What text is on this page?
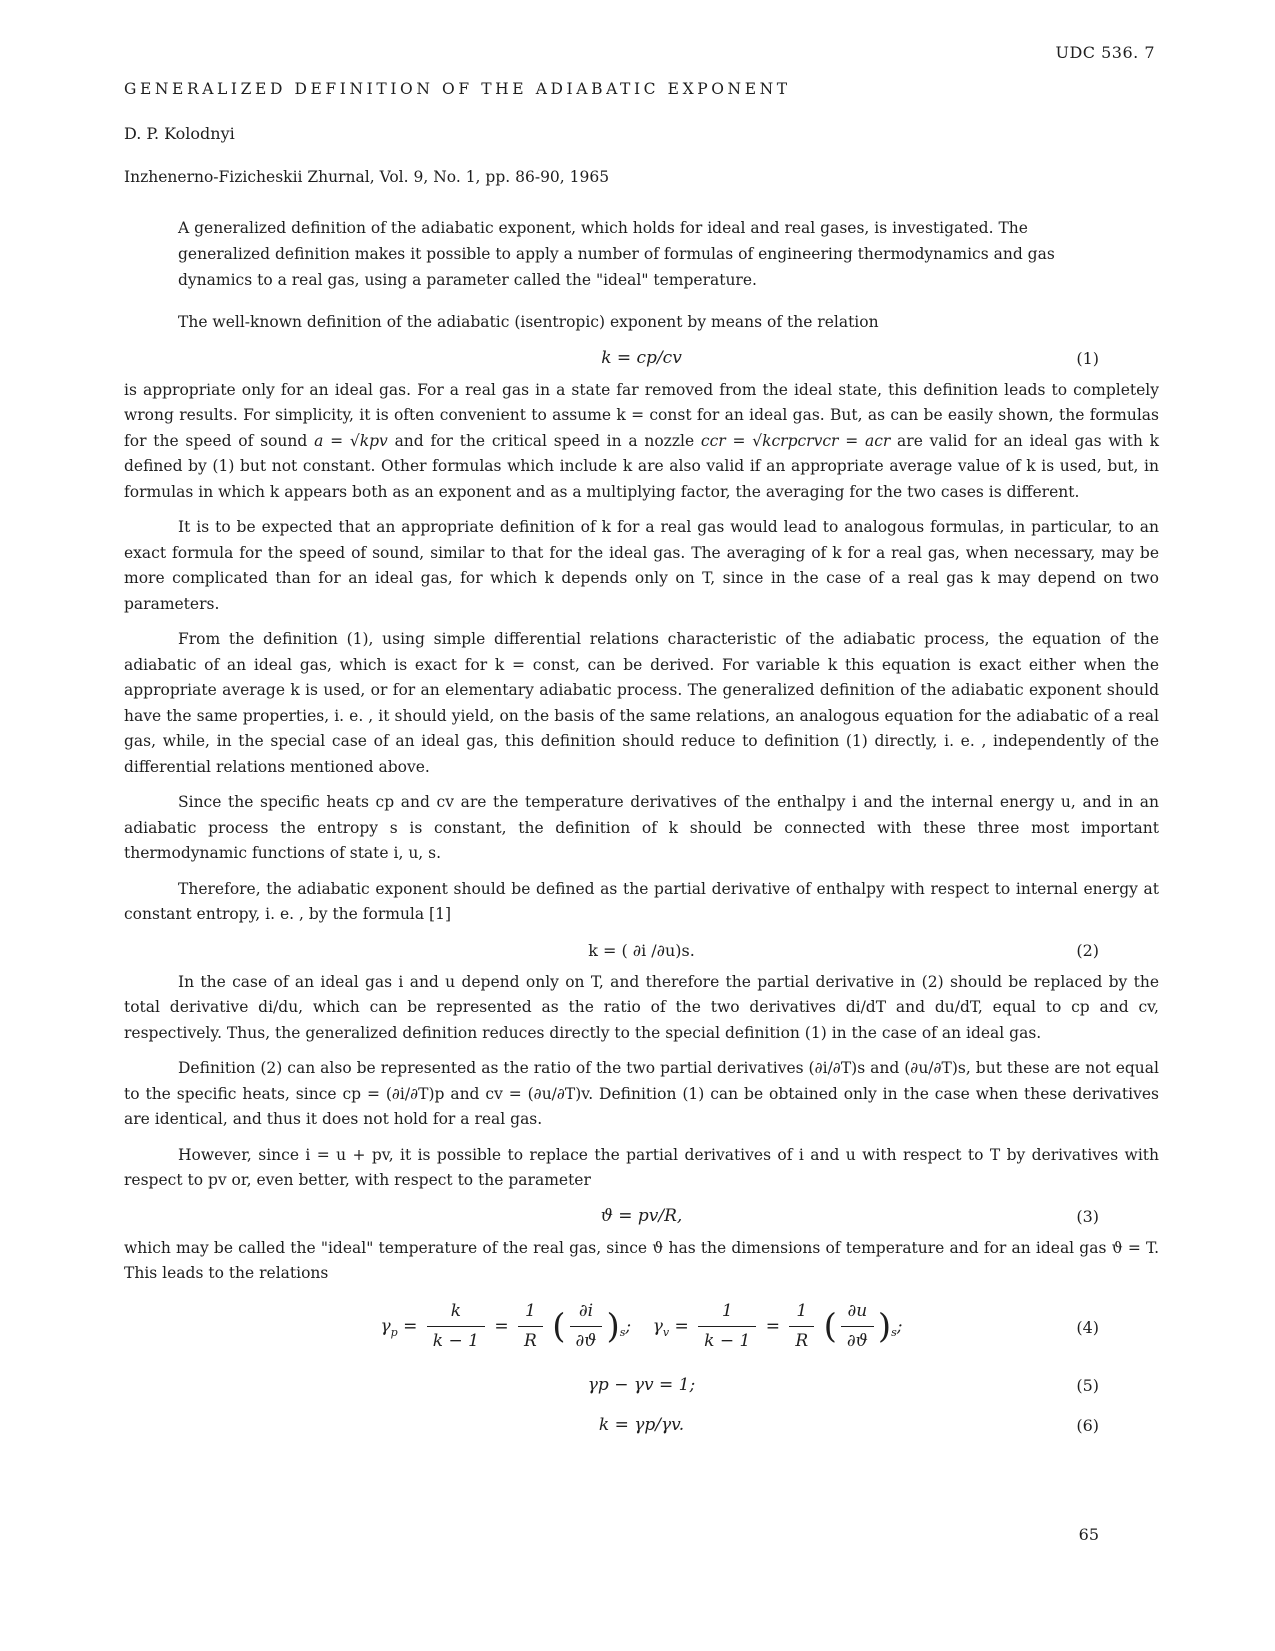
UDC 536. 7
GENERALIZED DEFINITION OF THE ADIABATIC EXPONENT
D. P. Kolodnyi
Inzhenerno-Fizicheskii Zhurnal, Vol. 9, No. 1, pp. 86-90, 1965
A generalized definition of the adiabatic exponent, which holds for ideal and real gases, is investigated. The generalized definition makes it possible to apply a number of formulas of engineering thermodynamics and gas dynamics to a real gas, using a parameter called the "ideal" temperature.

The well-known definition of the adiabatic (isentropic) exponent by means of the relation

k = cp/cv	(1)

is appropriate only for an ideal gas. For a real gas in a state far removed from the ideal state, this definition leads to completely wrong results. For simplicity, it is often convenient to assume k = const for an ideal gas. But, as can be easily shown, the formulas for the speed of sound a = √kpv and for the critical speed in a nozzle ccr = √kcrpcrvcr = acr are valid for an ideal gas with k defined by (1) but not constant. Other formulas which include k are also valid if an appropriate average value of k is used, but, in formulas in which k appears both as an exponent and as a multiplying factor, the averaging for the two cases is different.

It is to be expected that an appropriate definition of k for a real gas would lead to analogous formulas, in particular, to an exact formula for the speed of sound, similar to that for the ideal gas. The averaging of k for a real gas, when necessary, may be more complicated than for an ideal gas, for which k depends only on T, since in the case of a real gas k may depend on two parameters.

From the definition (1), using simple differential relations characteristic of the adiabatic process, the equation of the adiabatic of an ideal gas, which is exact for k = const, can be derived. For variable k this equation is exact either when the appropriate average k is used, or for an elementary adiabatic process. The generalized definition of the adiabatic exponent should have the same properties, i. e. , it should yield, on the basis of the same relations, an analogous equation for the adiabatic of a real gas, while, in the special case of an ideal gas, this definition should reduce to definition (1) directly, i. e. , independently of the differential relations mentioned above.

Since the specific heats cp and cv are the temperature derivatives of the enthalpy i and the internal energy u, and in an adiabatic process the entropy s is constant, the definition of k should be connected with these three most important thermodynamic functions of state i, u, s.

Therefore, the adiabatic exponent should be defined as the partial derivative of enthalpy with respect to internal energy at constant entropy, i. e. , by the formula [1]

k = ( ∂i /∂u)s.	(2)

In the case of an ideal gas i and u depend only on T, and therefore the partial derivative in (2) should be replaced by the total derivative di/du, which can be represented as the ratio of the two derivatives di/dT and du/dT, equal to cp and cv, respectively. Thus, the generalized definition reduces directly to the special definition (1) in the case of an ideal gas.

Definition (2) can also be represented as the ratio of the two partial derivatives (∂i/∂T)s and (∂u/∂T)s, but these are not equal to the specific heats, since cp = (∂i/∂T)p and cv = (∂u/∂T)v. Definition (1) can be obtained only in the case when these derivatives are identical, and thus it does not hold for a real gas.

However, since i = u + pv, it is possible to replace the partial derivatives of i and u with respect to T by derivatives with respect to pv or, even better, with respect to the parameter

ϑ = pv/R,	(3)

which may be called the "ideal" temperature of the real gas, since ϑ has the dimensions of temperature and for an ideal gas ϑ = T. This leads to the relations

$\gamma_p = \frac{k}{k - 1} = \frac{1}{R}$ ( $\frac{\partial i}{\partial ϑ} )_s$;    $\gamma_v = \frac{1}{k - 1} = \frac{1}{R}$ ( $\frac{\partial u}{\partial ϑ} )_s$;	(4)
γp − γv = 1;	(5)
k = γp/γv.	(6)
65
